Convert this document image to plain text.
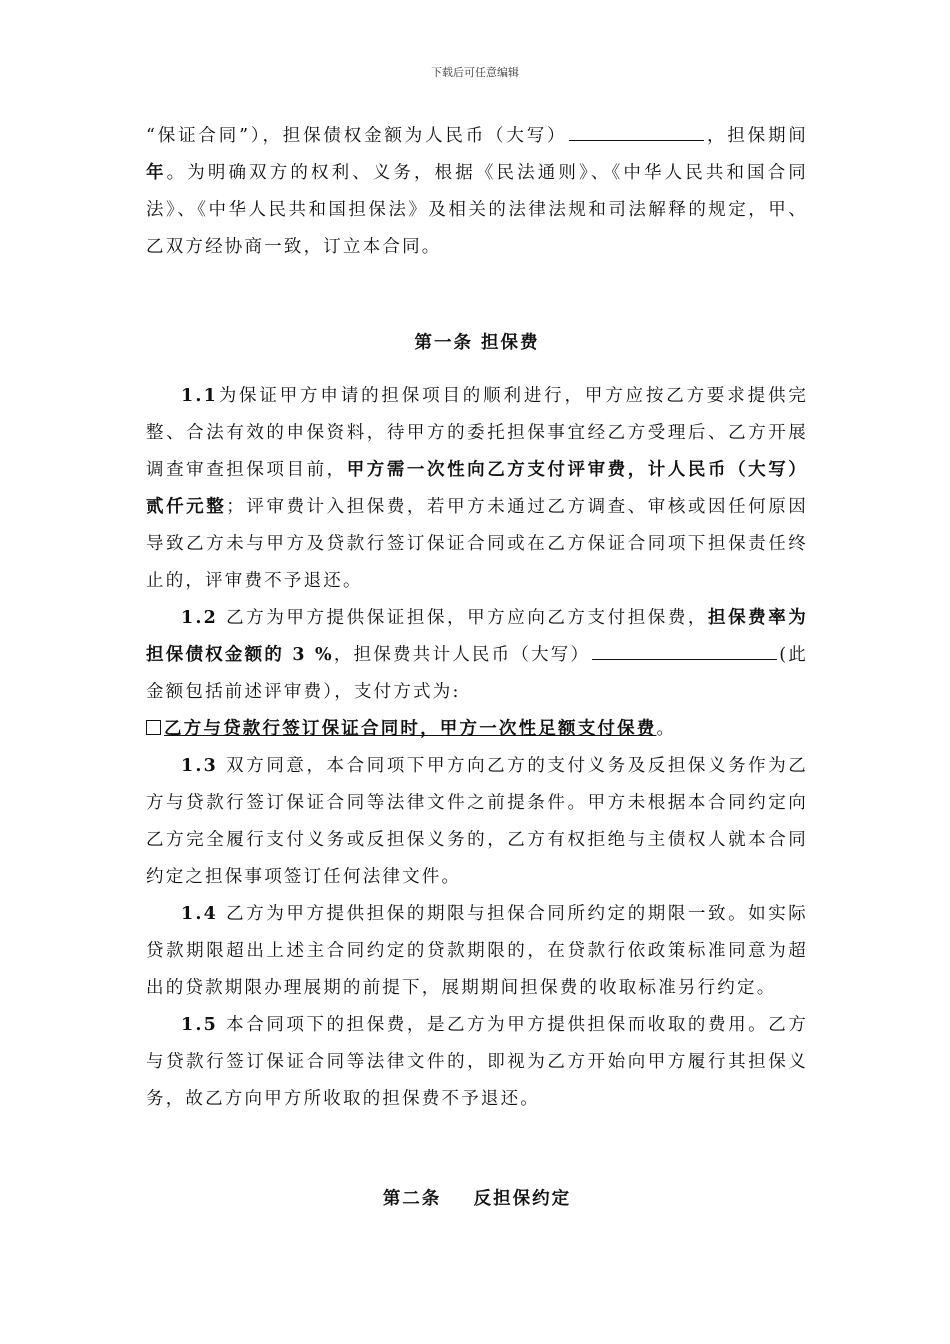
下载后可任意编辑

“保证合同”），担保债权金额为人民币（大写）	，担保期间年。为明确双方的权利、义务，根据《民法通则》、《中华人民共和国合同法》、《中华人民共和国担保法》及相关的法律法规和司法解释的规定，甲、乙双方经协商一致，订立本合同。

第一条 担保费

1.1为保证甲方申请的担保项目的顺利进行，甲方应按乙方要求提供完整、合法有效的申保资料，待甲方的委托担保事宜经乙方受理后、乙方开展调查审查担保项目前，甲方需一次性向乙方支付评审费，计人民币（大写）贰仟元整；评审费计入担保费，若甲方未通过乙方调查、审核或因任何原因导致乙方未与甲方及贷款行签订保证合同或在乙方保证合同项下担保责任终止的，评审费不予退还。

1.2 乙方为甲方提供保证担保，甲方应向乙方支付担保费，担保费率为担保债权金额的 3 %，担保费共计人民币（大写）	(此金额包括前述评审费），支付方式为:

乙方与贷款行签订保证合同时，甲方一次性足额支付保费。

1.3 双方同意，本合同项下甲方向乙方的支付义务及反担保义务作为乙方与贷款行签订保证合同等法律文件之前提条件。甲方未根据本合同约定向乙方完全履行支付义务或反担保义务的，乙方有权拒绝与主债权人就本合同约定之担保事项签订任何法律文件。

1.4 乙方为甲方提供担保的期限与担保合同所约定的期限一致。如实际贷款期限超出上述主合同约定的贷款期限的，在贷款行依政策标准同意为超出的贷款期限办理展期的前提下，展期期间担保费的收取标准另行约定。

1.5 本合同项下的担保费，是乙方为甲方提供担保而收取的费用。乙方与贷款行签订保证合同等法律文件的，即视为乙方开始向甲方履行其担保义务，故乙方向甲方所收取的担保费不予退还。

第二条    反担保约定
